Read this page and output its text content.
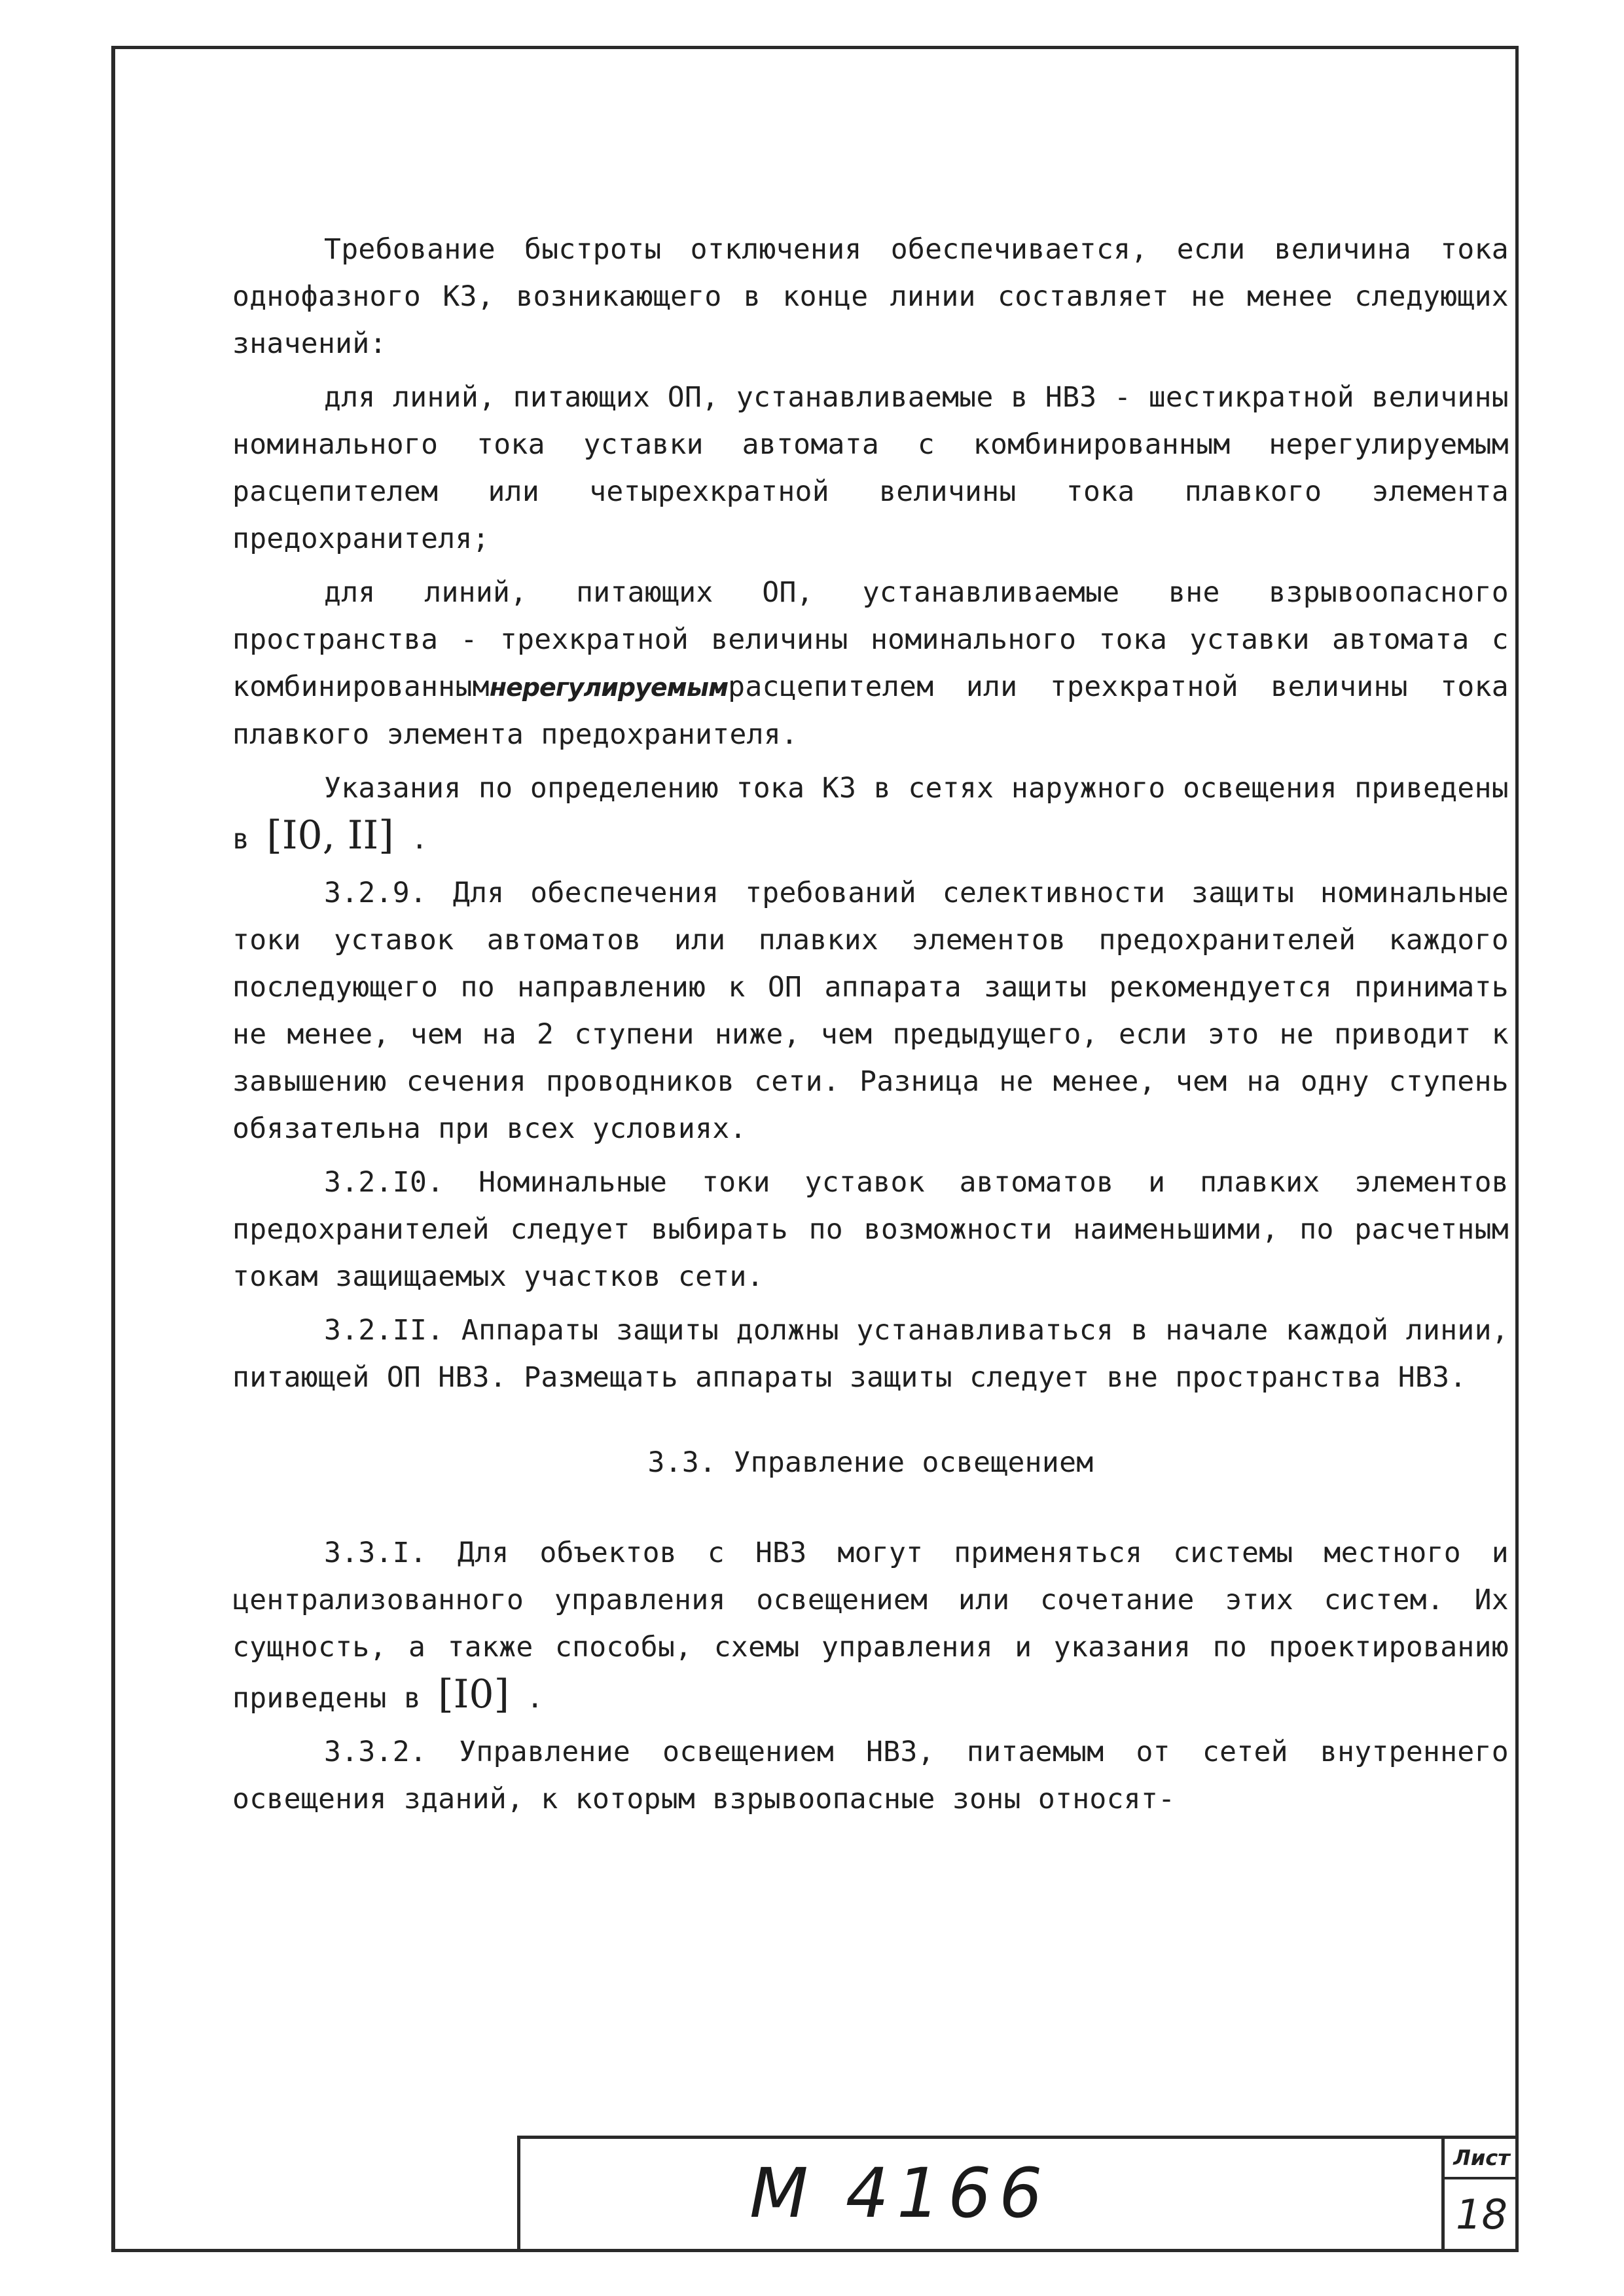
Требование быстроты отключения обеспечивается, если величина тока однофазного КЗ, возникающего в конце линии составляет не менее следующих значений:

для линий, питающих ОП, устанавливаемые в НВЗ - шестикратной величины номинального тока уставки автомата с комбинированным нерегулируемым расцепителем или четырехкратной величины тока плавкого элемента предохранителя;

для линий, питающих ОП, устанавливаемые вне взрывоопасного пространства - трехкратной величины номинального тока уставки автомата с комбинированнымнерегулируемымрасцепителем или трехкратной величины тока плавкого элемента предохранителя.

Указания по определению тока КЗ в сетях наружного освещения приведены в [I0, II] .

3.2.9. Для обеспечения требований селективности защиты номинальные токи уставок автоматов или плавких элементов предохранителей каждого последующего по направлению к ОП аппарата защиты рекомендуется принимать не менее, чем на 2 ступени ниже, чем предыдущего, если это не приводит к завышению сечения проводников сети. Разница не менее, чем на одну ступень обязательна при всех условиях.

3.2.I0. Номинальные токи уставок автоматов и плавких элементов предохранителей следует выбирать по возможности наименьшими, по расчетным токам защищаемых участков сети.

3.2.II. Аппараты защиты должны устанавливаться в начале каждой линии, питающей ОП НВЗ. Размещать аппараты защиты следует вне пространства НВЗ.

3.3. Управление освещением

3.3.I. Для объектов с НВЗ могут применяться системы местного и централизованного управления освещением или сочетание этих систем. Их сущность, а также способы, схемы управления и указания по проектированию приведены в [I0] .

3.3.2. Управление освещением НВЗ, питаемым от сетей внутреннего освещения зданий, к которым взрывоопасные зоны относят-

М 4166	Лист
18
